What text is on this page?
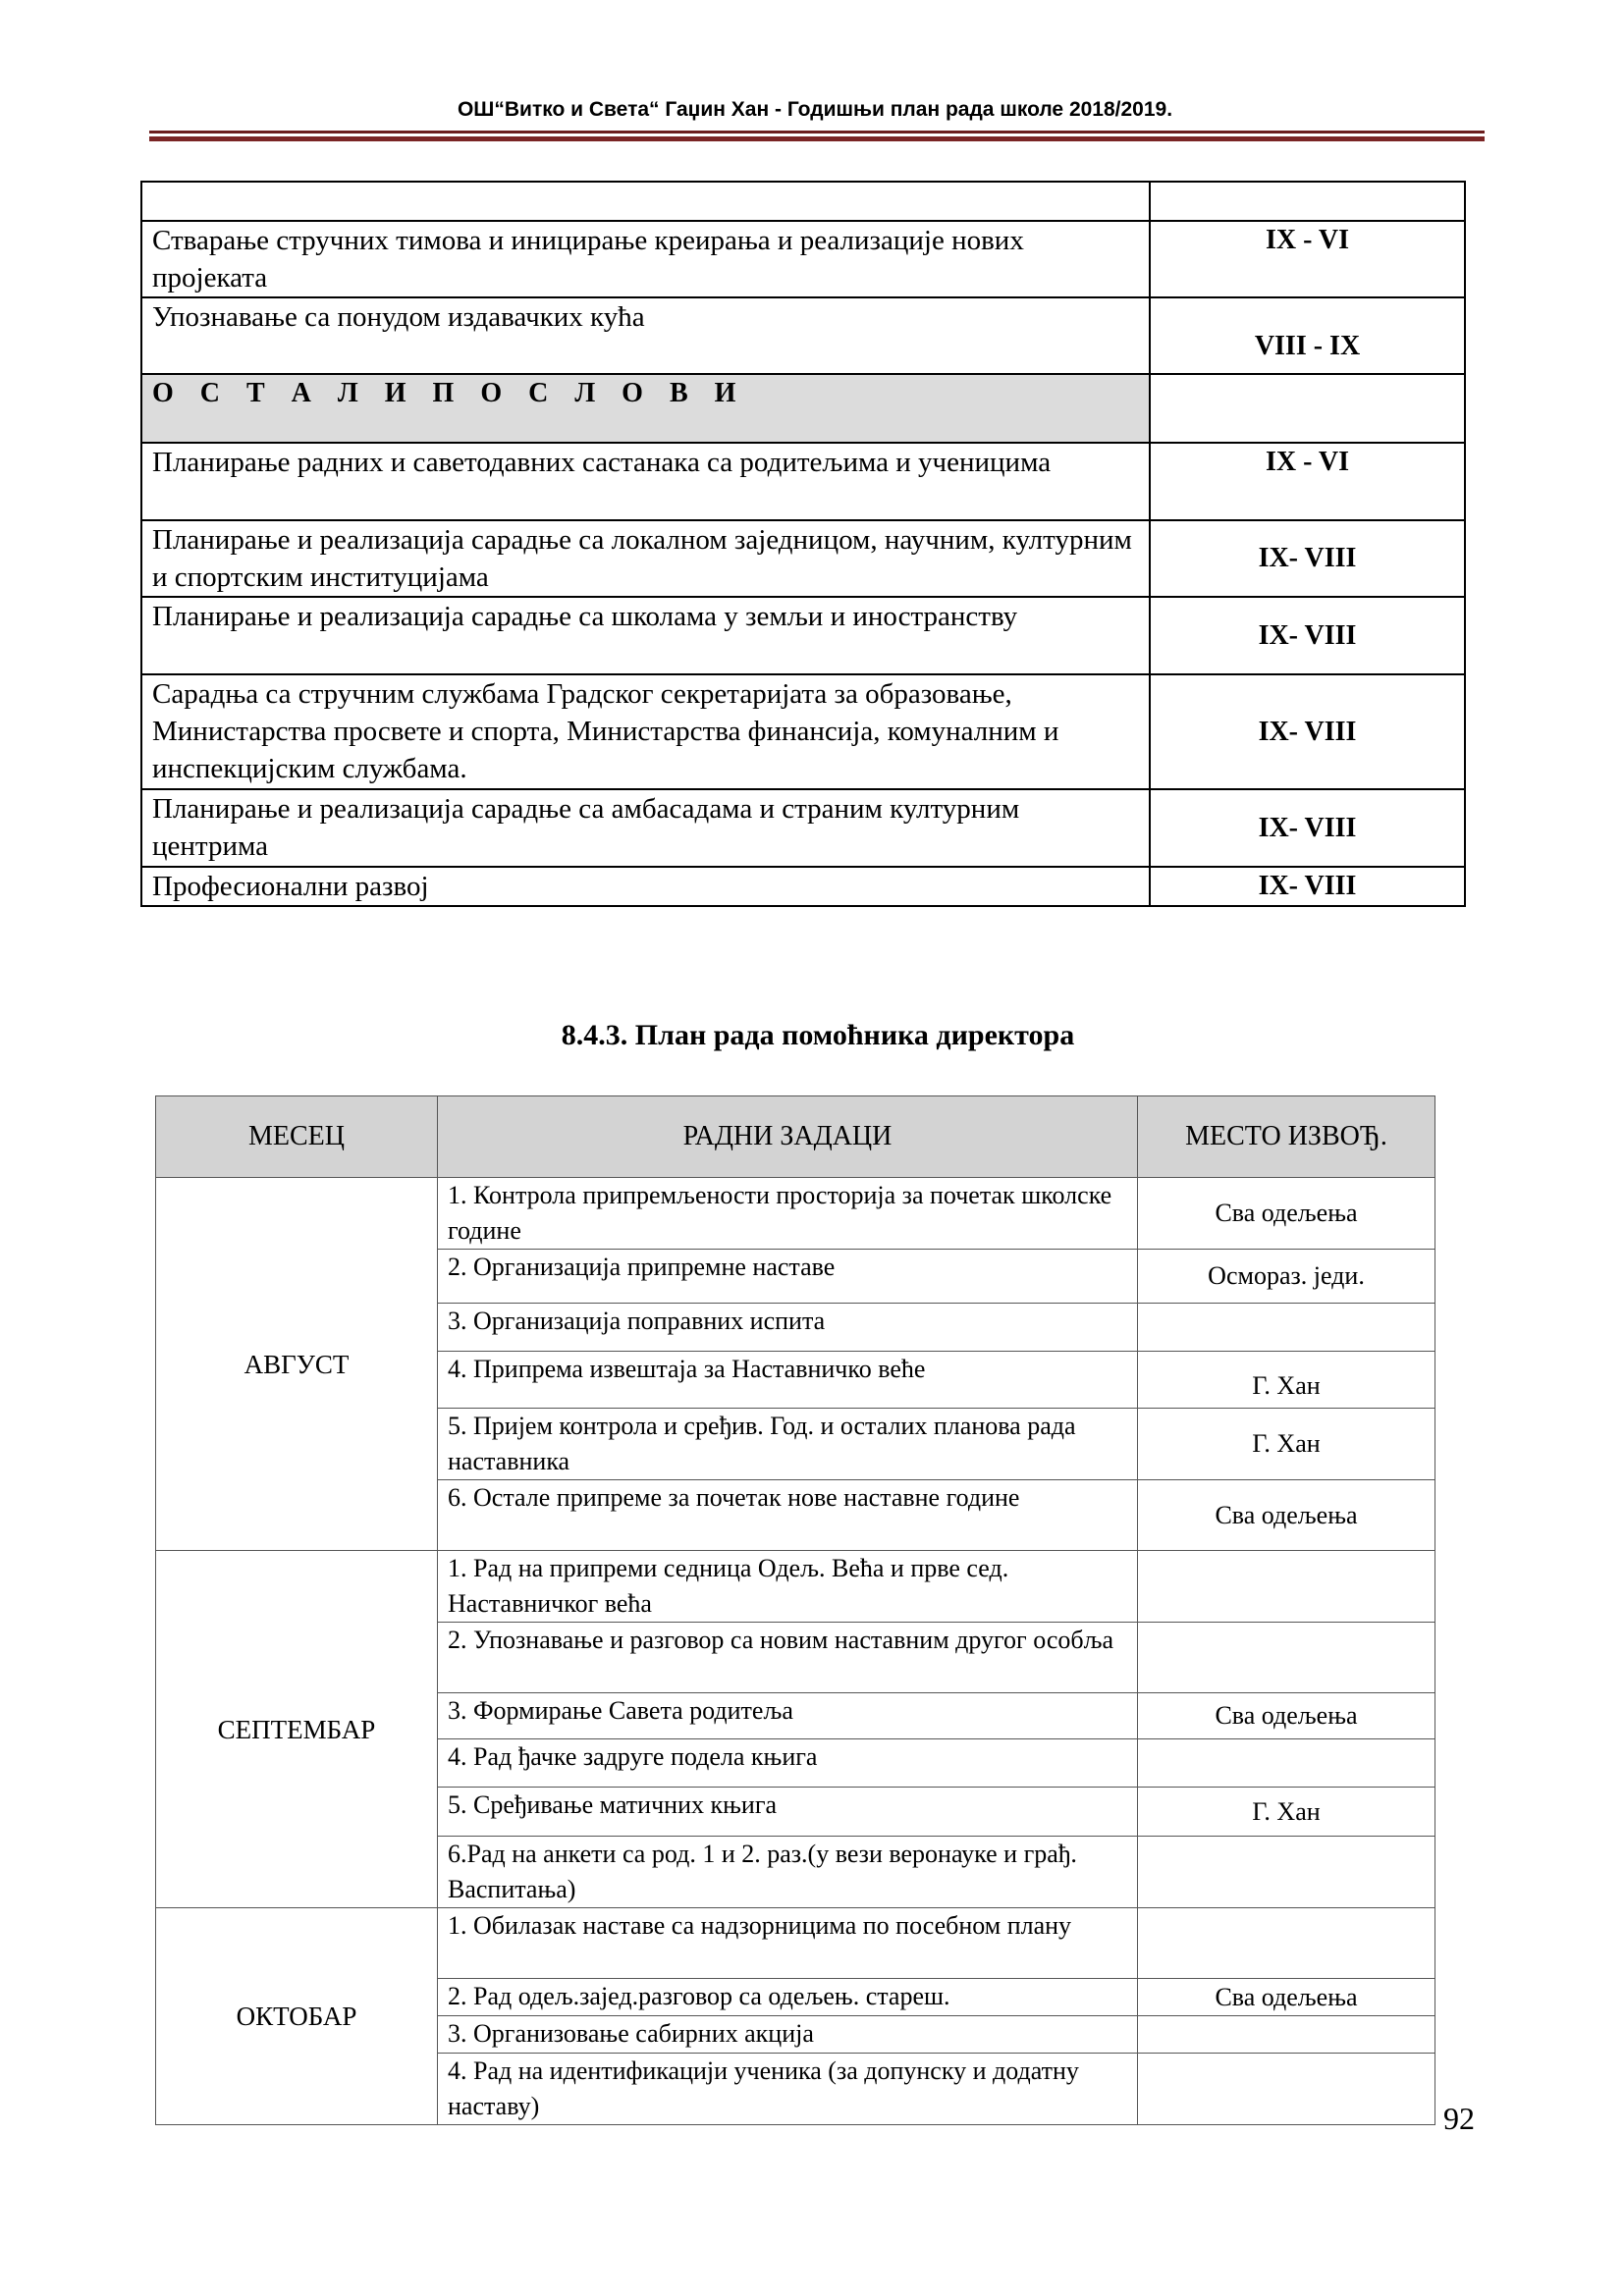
ОШ“Витко и Света“ Гаџин Хан - Годишњи план рада школе 2018/2019.

Стварање стручних тимова и иницирање креирања и реализације нових пројеката	IX - VI
Упознавање са понудом издавачких кућа	VIII - IX
О С Т А Л И П О С Л О В И	
Планирање радних и саветодавних састанака са родитељима и ученицима	IX - VI
Планирање и реализација сарадње са локалном заједницом, научним, културним и спортским институцијама	IX- VIII
Планирање и реализација сарадње са школама у земљи и иностранству	IX- VIII
Сарадња са стручним службама Градског секретаријата за образовање, Министарства просвете и спорта, Министарства финансија, комуналним и инспекцијским службама.	IX- VIII
Планирање и реализација сарадње са амбасадама и страним културним центрима	IX- VIII
Професионални развој	IX- VIII
8.4.3. План рада помоћника директора
МЕСЕЦ	РАДНИ ЗАДАЦИ	МЕСТО ИЗВОЂ.
АВГУСТ	1. Контрола припремљености просторија за почетак школске године	Сва одељења
	2. Организација припремне наставе	Осмораз. једи.
	3. Организација поправних испита	
	4. Припрема извештаја за Наставничко веће	Г. Хан
	5. Пријем контрола и сређив. Год. и осталих планова рада наставника	Г. Хан
	6. Остале припреме за почетак нове наставне године	Сва одељења
СЕПТЕМБАР	1. Рад на припреми седница Одељ. Већа и прве сед. Наставничког већа	
	2. Упознавање и разговор са новим наставним другог особља	
	3. Формирање Савета родитеља	Сва одељења
	4. Рад ђачке задруге подела књига	
	5. Сређивање матичних књига	Г. Хан
	6.Рад на анкети са род. 1 и 2. раз.(у вези веронауке и грађ. Васпитања)	
ОКТОБАР	1. Обилазак наставе са надзорницима по посебном плану	
	2. Рад одељ.зајед.разговор са одељењ. стареш.	Сва одељења
	3. Организовање сабирних акција	
	4. Рад на идентификацији ученика (за допунску и додатну наставу)		92
